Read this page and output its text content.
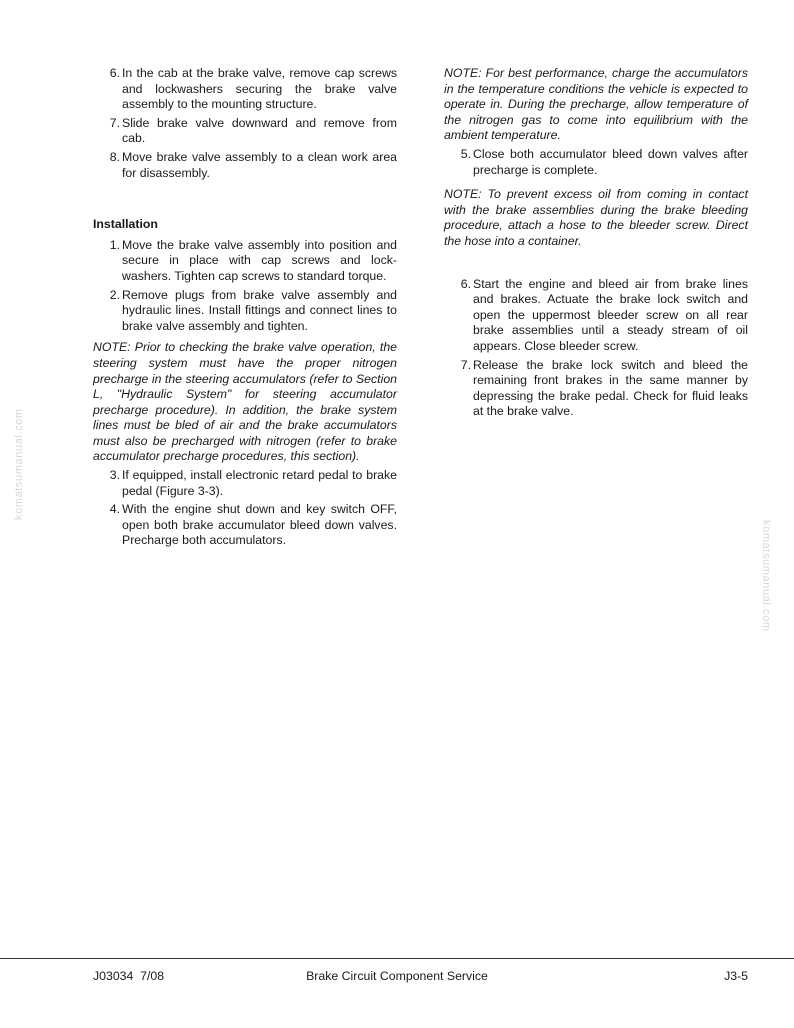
6. In the cab at the brake valve, remove cap screws and lockwashers securing the brake valve assembly to the mounting structure.
7. Slide brake valve downward and remove from cab.
8. Move brake valve assembly to a clean work area for disassembly.
Installation
1. Move the brake valve assembly into position and secure in place with cap screws and lock-washers. Tighten cap screws to standard torque.
2. Remove plugs from brake valve assembly and hydraulic lines. Install fittings and connect lines to brake valve assembly and tighten.

NOTE: Prior to checking the brake valve operation, the steering system must have the proper nitrogen precharge in the steering accumulators (refer to Section L, "Hydraulic System" for steering accumulator precharge procedure). In addition, the brake system lines must be bled of air and the brake accumulators must also be precharged with nitrogen (refer to brake accumulator precharge procedures, this section).

3. If equipped, install electronic retard pedal to brake pedal (Figure 3-3).
4. With the engine shut down and key switch OFF, open both brake accumulator bleed down valves. Precharge both accumulators.

NOTE: For best performance, charge the accumulators in the temperature conditions the vehicle is expected to operate in. During the precharge, allow temperature of the nitrogen gas to come into equilibrium with the ambient temperature.

5. Close both accumulator bleed down valves after precharge is complete.

NOTE: To prevent excess oil from coming in contact with the brake assemblies during the brake bleeding procedure, attach a hose to the bleeder screw. Direct the hose into a container.

6. Start the engine and bleed air from brake lines and brakes. Actuate the brake lock switch and open the uppermost bleeder screw on all rear brake assemblies until a steady stream of oil appears. Close bleeder screw.
7. Release the brake lock switch and bleed the remaining front brakes in the same manner by depressing the brake pedal. Check for fluid leaks at the brake valve.
komatsumanual.com
komatsumanual.com
Brake Circuit Component Service
J03034  7/08	J3-5
